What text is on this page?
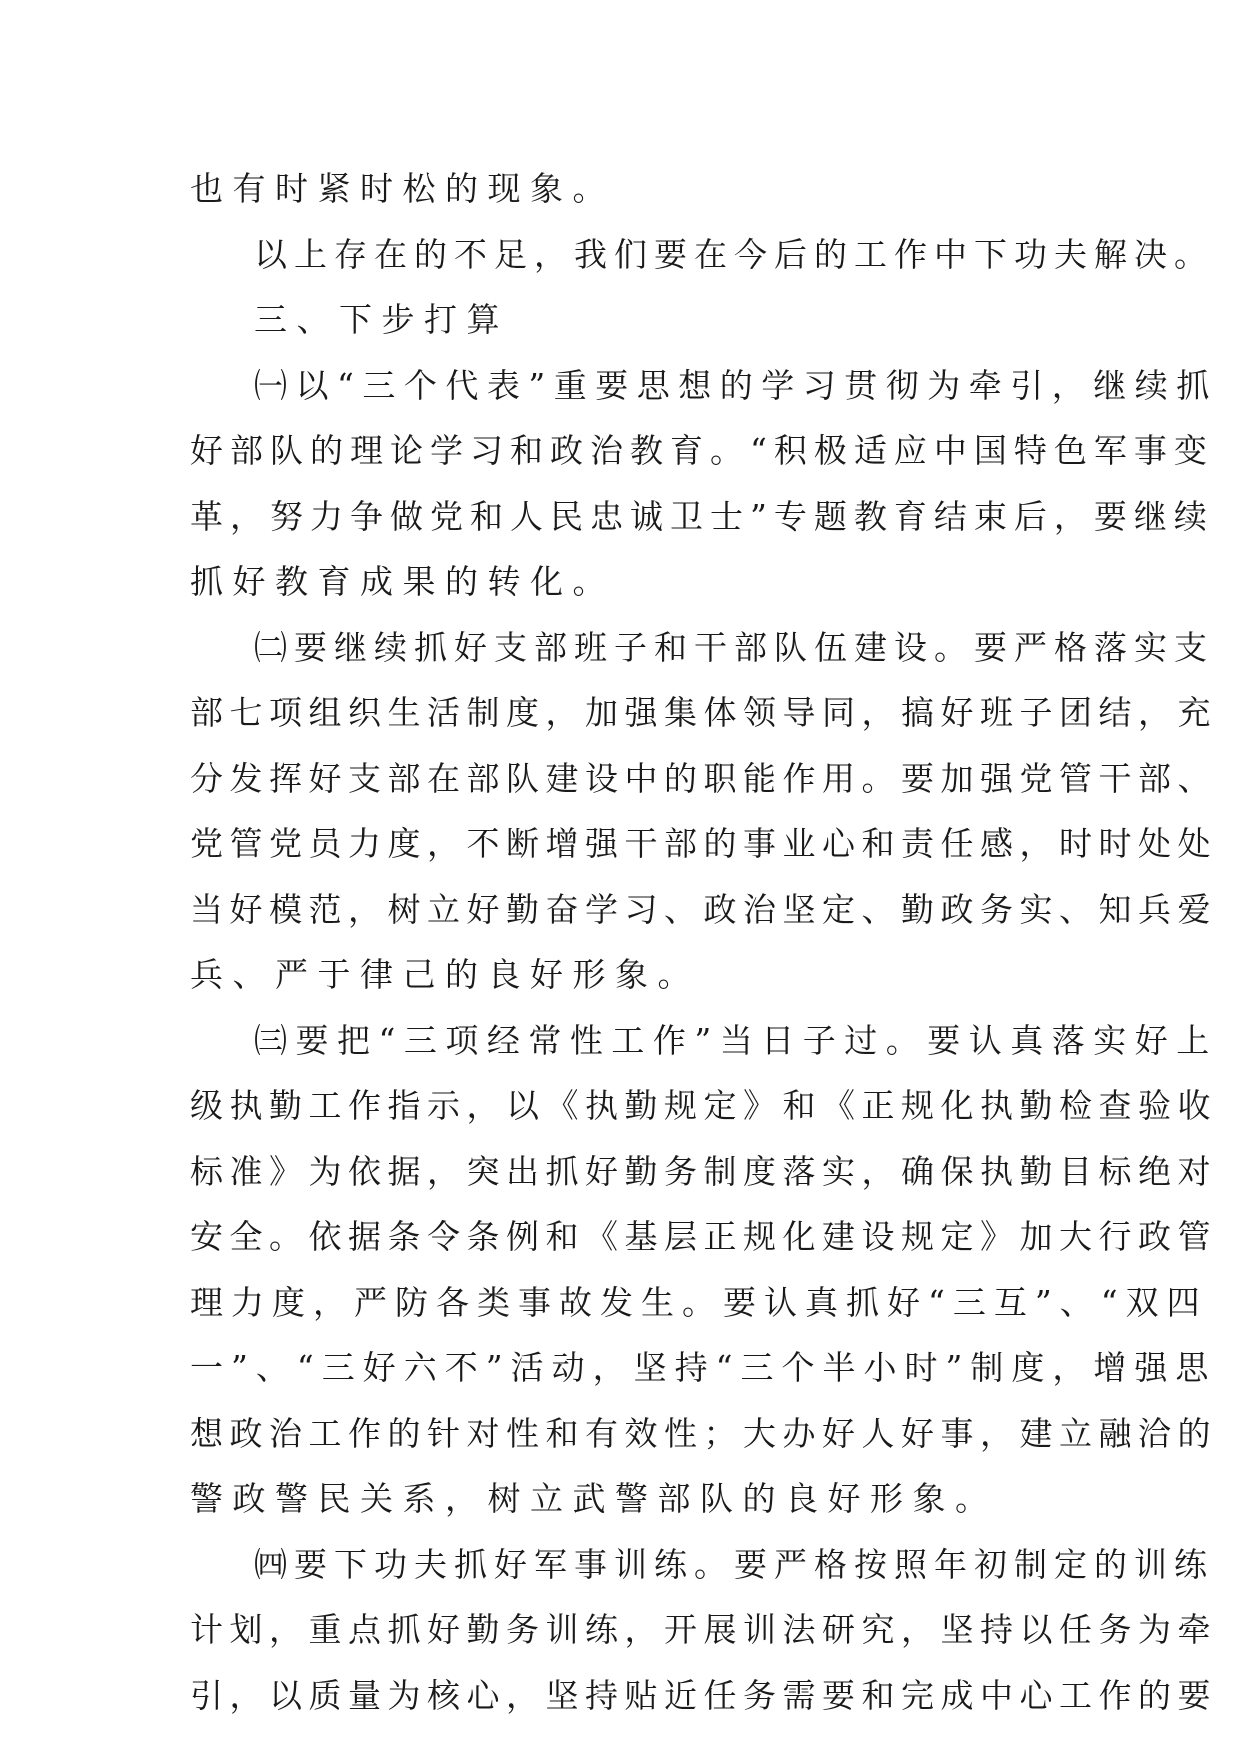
也有时紧时松的现象。
以上存在的不足，我们要在今后的工作中下功夫解决。
三、下步打算
㈠以“三个代表”重要思想的学习贯彻为牵引，继续抓
好部队的理论学习和政治教育。“积极适应中国特色军事变
革，努力争做党和人民忠诚卫士”专题教育结束后，要继续
抓好教育成果的转化。
㈡要继续抓好支部班子和干部队伍建设。要严格落实支
部七项组织生活制度，加强集体领导同，搞好班子团结，充
分发挥好支部在部队建设中的职能作用。要加强党管干部、
党管党员力度，不断增强干部的事业心和责任感，时时处处
当好模范，树立好勤奋学习、政治坚定、勤政务实、知兵爱
兵、严于律己的良好形象。
㈢要把“三项经常性工作”当日子过。要认真落实好上
级执勤工作指示，以《执勤规定》和《正规化执勤检查验收
标准》为依据，突出抓好勤务制度落实，确保执勤目标绝对
安全。依据条令条例和《基层正规化建设规定》加大行政管
理力度，严防各类事故发生。要认真抓好“三互”、“双四
一”、“三好六不”活动，坚持“三个半小时”制度，增强思
想政治工作的针对性和有效性；大办好人好事，建立融洽的
警政警民关系，树立武警部队的良好形象。
㈣要下功夫抓好军事训练。要严格按照年初制定的训练
计划，重点抓好勤务训练，开展训法研究，坚持以任务为牵
引，以质量为核心，坚持贴近任务需要和完成中心工作的要
